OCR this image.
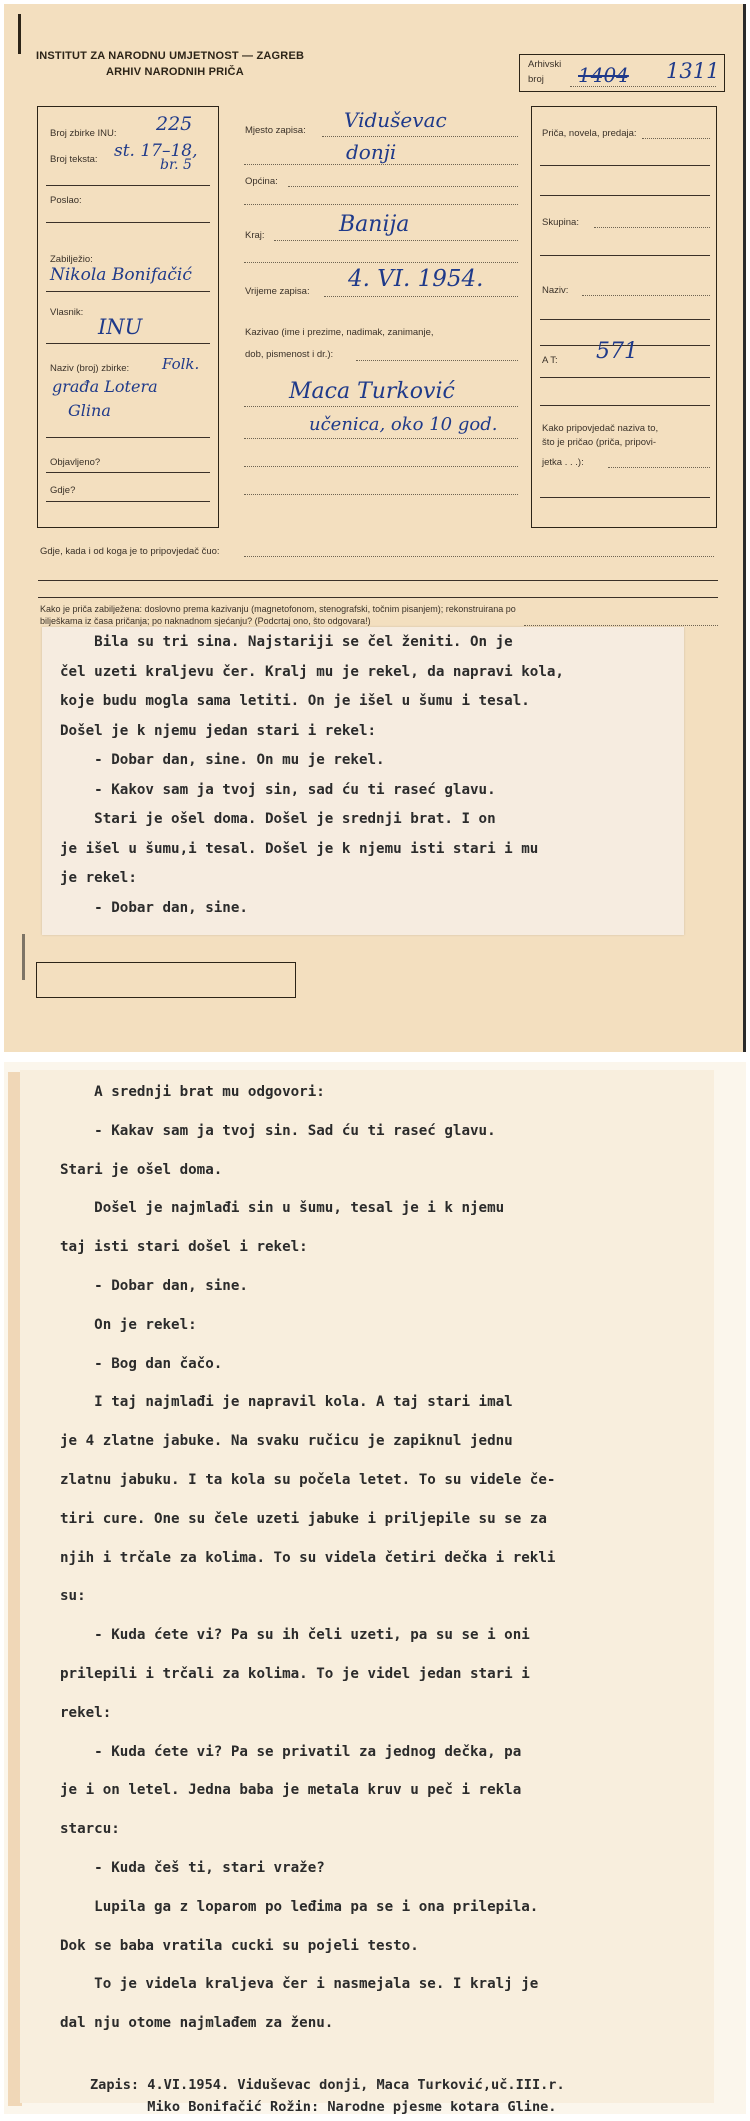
INSTITUT ZA NARODNU UMJETNOST — ZAGREB
ARHIV NARODNIH PRIČA
Arhivski
broj 1404 1311
Broj zbirke INU: 225
Broj teksta: st. 17–18,
br. 5
Poslao:
Zabilježio:
Nikola Bonifačić
Vlasnik:
INU
Naziv (broj) zbirke: Folk.
građa Lotera
Glina
Objavljeno?
Gdje?
Mjesto zapisa: Viduševac
donji
Općina:
Kraj:	Banija
Vrijeme zapisa: 4. VI. 1954.
Kazivao (ime i prezime, nadimak, zanimanje,
dob, pismenost i dr.):
Maca Turković
učenica, oko 10 god.
Priča, novela, predaja:
Skupina:
Naziv:
A T: 571
Kako pripovjedač naziva to,
što je pričao (priča, pripovi-
jetka . . .):
Gdje, kada i od koga je to pripovjedač čuo:
Kako je priča zabilježena: doslovno prema kazivanju (magnetofonom, stenografski, točnim pisanjem); rekonstruirana po
bilješkama iz časa pričanja; po naknadnom sjećanju? (Podcrtaj ono, što odgovara!)
Bila su tri sina. Najstariji se čel ženiti. On je
čel uzeti kraljevu čer. Kralj mu je rekel, da napravi kola,
koje budu mogla sama letiti. On je išel u šumu i tesal.
Došel je k njemu jedan stari i rekel:
- Dobar dan, sine. On mu je rekel.
- Kakov sam ja tvoj sin, sad ću ti raseć glavu.
Stari je ošel doma. Došel je srednji brat. I on
je išel u šumu,i tesal. Došel je k njemu isti stari i mu
je rekel:
- Dobar dan, sine.
Zapis: 4.VI.1954. Viduševac donji, Maca Turković,uč.III.r.
Miko Bonifačić Rožin: Narodne pjesme kotara Gline.
A srednji brat mu odgovori:
- Kakav sam ja tvoj sin. Sad ću ti raseć glavu.
Stari je ošel doma.
Došel je najmlađi sin u šumu, tesal je i k njemu
taj isti stari došel i rekel:
- Dobar dan, sine.
On je rekel:
- Bog dan čačo.
I taj najmlađi je napravil kola. A taj stari imal
je 4 zlatne jabuke. Na svaku ručicu je zapiknul jednu
zlatnu jabuku. I ta kola su počela letet. To su videle če-
tiri cure. One su čele uzeti jabuke i priljepile su se za
njih i trčale za kolima. To su videla četiri dečka i rekli
su:
- Kuda ćete vi? Pa su ih čeli uzeti, pa su se i oni
prilepili i trčali za kolima. To je videl jedan stari i
rekel:
- Kuda ćete vi? Pa se privatil za jednog dečka, pa
je i on letel. Jedna baba je metala kruv u peč i rekla
starcu:
- Kuda češ ti, stari vraže?
Lupila ga z loparom po leđima pa se i ona prilepila.
Dok se baba vratila cucki su pojeli testo.
To je videla kraljeva čer i nasmejala se. I kralj je
dal nju otome najmlađem za ženu.
